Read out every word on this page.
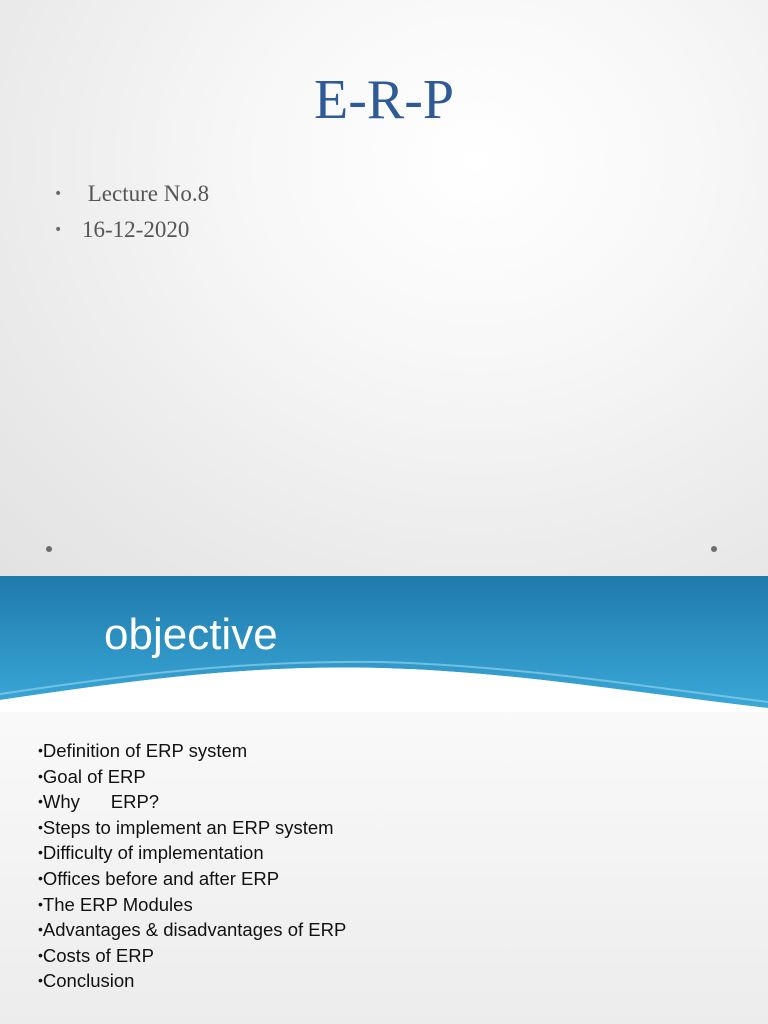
E-R-P
• Lecture No.8
• 16-12-2020
objective
•Definition of ERP system
•Goal of ERP
•Why      ERP?
•Steps to implement an ERP system
•Difficulty of implementation
•Offices before and after ERP
•The ERP Modules
•Advantages & disadvantages of ERP
•Costs of ERP
•Conclusion
